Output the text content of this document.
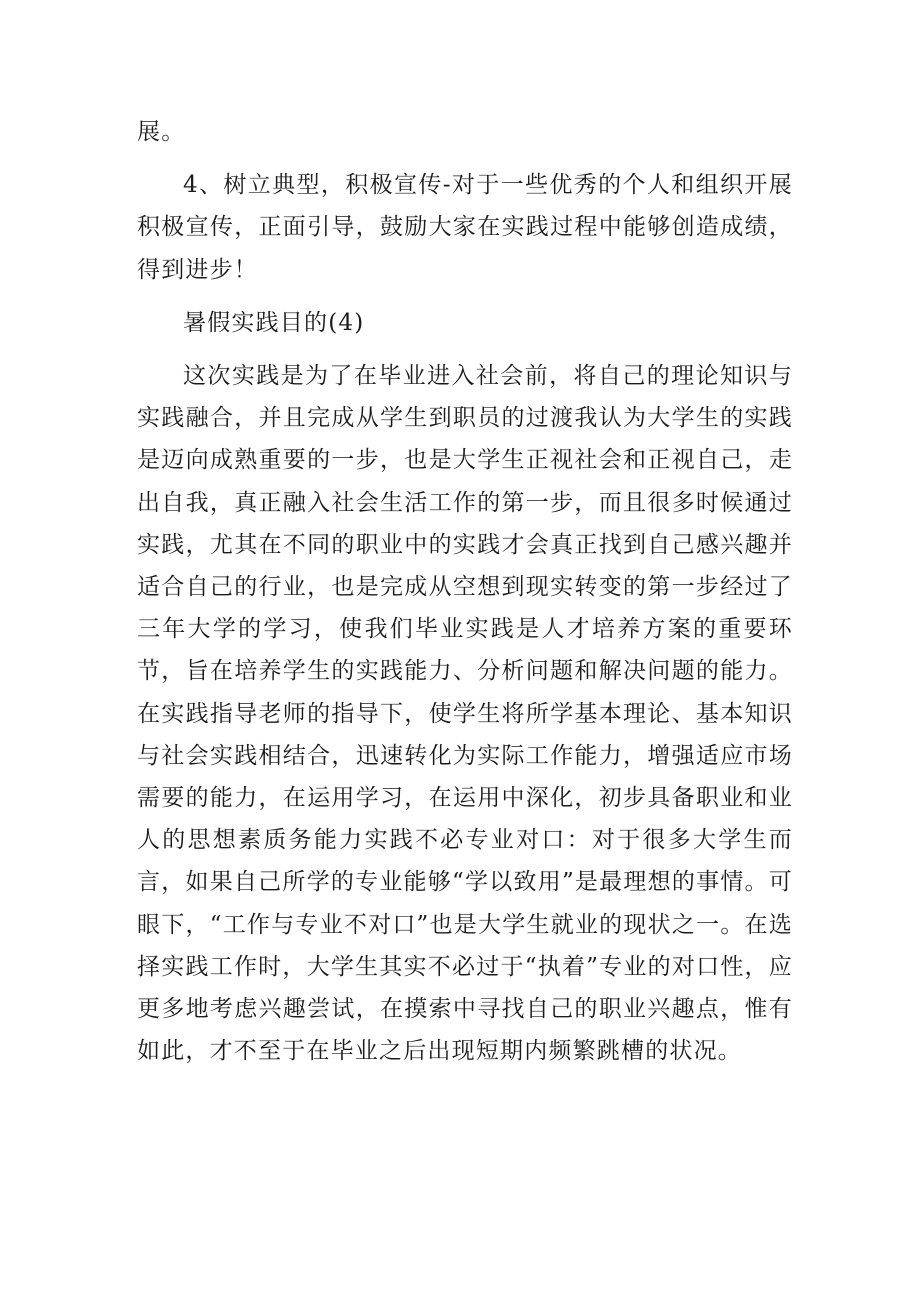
展。

4、树立典型，积极宣传-对于一些优秀的个人和组织开展积极宣传，正面引导，鼓励大家在实践过程中能够创造成绩，得到进步！

暑假实践目的(4)

这次实践是为了在毕业进入社会前，将自己的理论知识与实践融合，并且完成从学生到职员的过渡我认为大学生的实践是迈向成熟重要的一步，也是大学生正视社会和正视自己，走出自我，真正融入社会生活工作的第一步，而且很多时候通过实践，尤其在不同的职业中的实践才会真正找到自己感兴趣并适合自己的行业，也是完成从空想到现实转变的第一步经过了三年大学的学习，使我们毕业实践是人才培养方案的重要环节，旨在培养学生的实践能力、分析问题和解决问题的能力。在实践指导老师的指导下，使学生将所学基本理论、基本知识与社会实践相结合，迅速转化为实际工作能力，增强适应市场需要的能力，在运用学习，在运用中深化，初步具备职业和业人的思想素质务能力实践不必专业对口：对于很多大学生而言，如果自己所学的专业能够“学以致用”是最理想的事情。可眼下，“工作与专业不对口”也是大学生就业的现状之一。在选择实践工作时，大学生其实不必过于“执着”专业的对口性，应更多地考虑兴趣尝试，在摸索中寻找自己的职业兴趣点，惟有如此，才不至于在毕业之后出现短期内频繁跳槽的状况。
